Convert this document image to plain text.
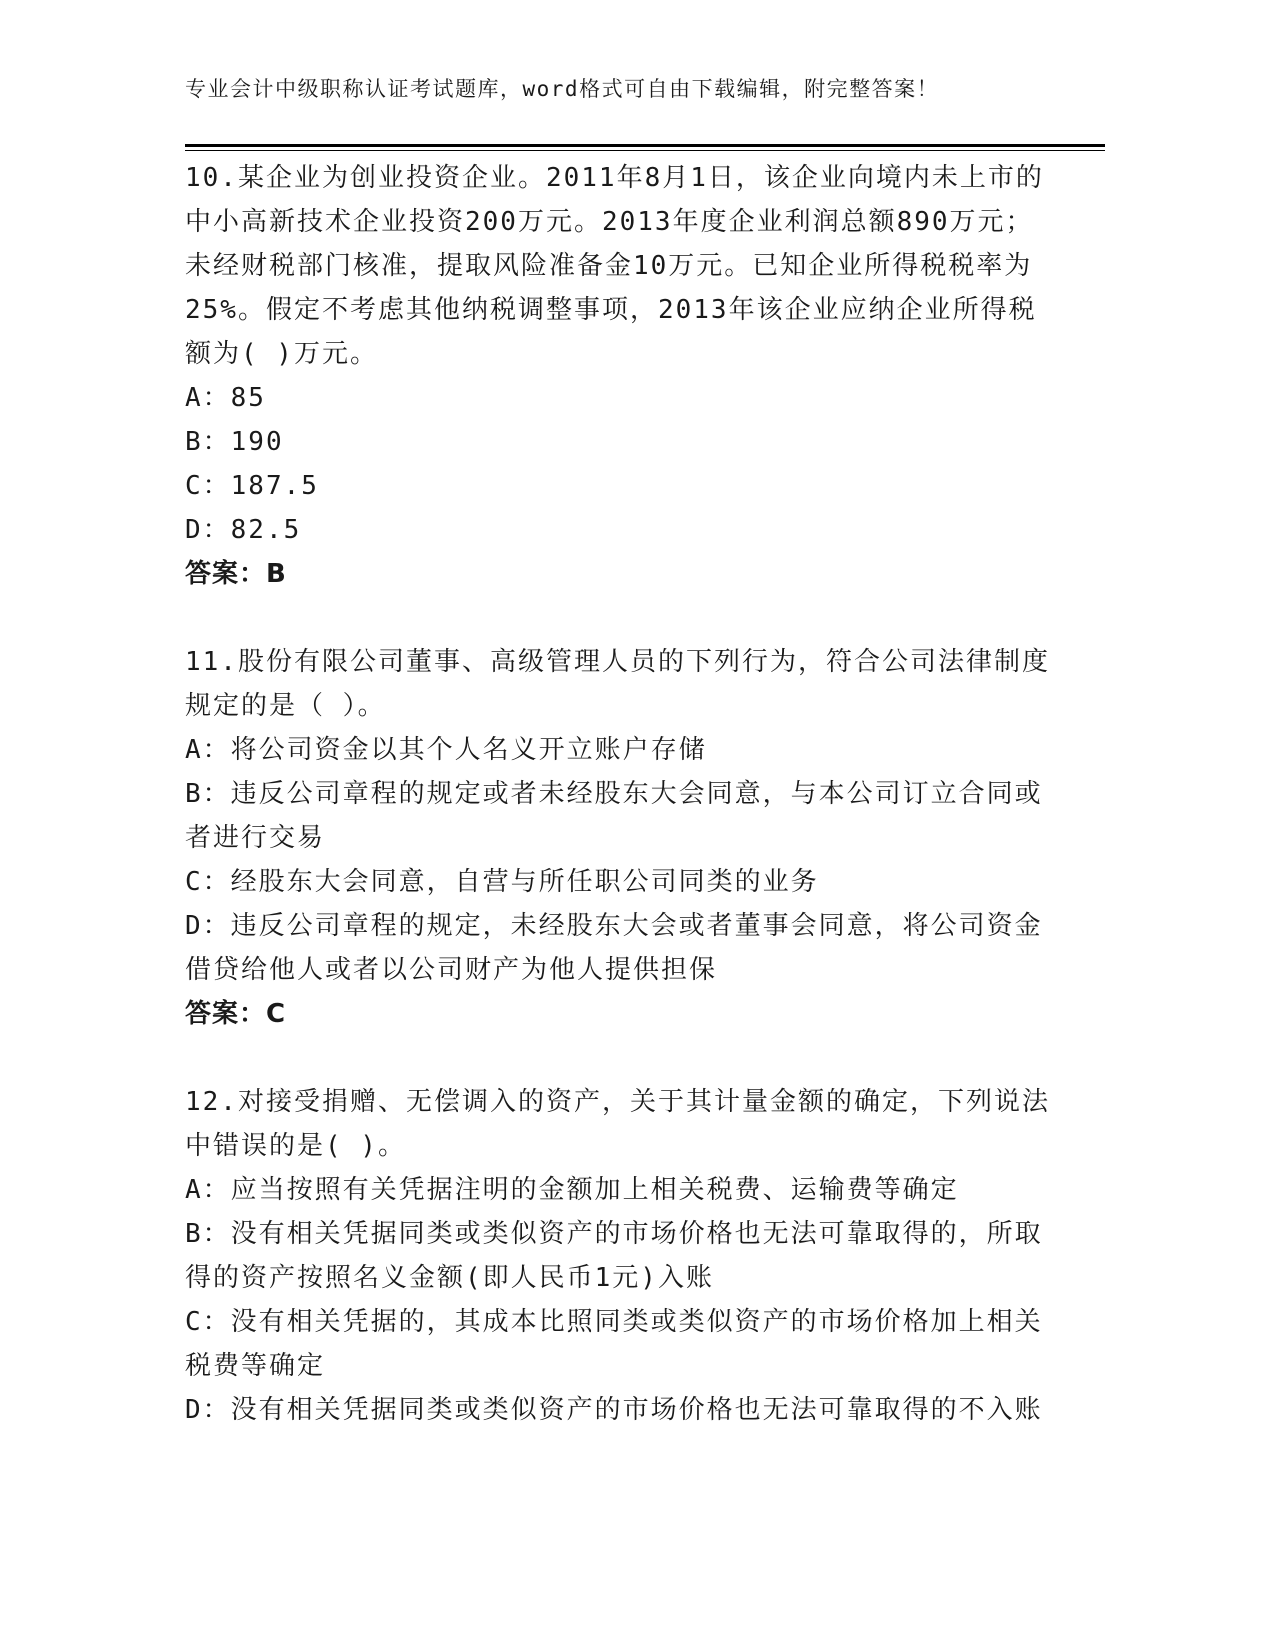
专业会计中级职称认证考试题库，word格式可自由下载编辑，附完整答案！
10.某企业为创业投资企业。2011年8月1日，该企业向境内未上市的
中小高新技术企业投资200万元。2013年度企业利润总额890万元；
未经财税部门核准，提取风险准备金10万元。已知企业所得税税率为
25%。假定不考虑其他纳税调整事项，2013年该企业应纳企业所得税
额为( )万元。
A：85
B：190
C：187.5
D：82.5
答案：B
11.股份有限公司董事、高级管理人员的下列行为，符合公司法律制度
规定的是（ ）。
A：将公司资金以其个人名义开立账户存储
B：违反公司章程的规定或者未经股东大会同意，与本公司订立合同或
者进行交易
C：经股东大会同意，自营与所任职公司同类的业务
D：违反公司章程的规定，未经股东大会或者董事会同意，将公司资金
借贷给他人或者以公司财产为他人提供担保
答案：C
12.对接受捐赠、无偿调入的资产，关于其计量金额的确定，下列说法
中错误的是( )。
A：应当按照有关凭据注明的金额加上相关税费、运输费等确定
B：没有相关凭据同类或类似资产的市场价格也无法可靠取得的，所取
得的资产按照名义金额(即人民币1元)入账
C：没有相关凭据的，其成本比照同类或类似资产的市场价格加上相关
税费等确定
D：没有相关凭据同类或类似资产的市场价格也无法可靠取得的不入账
